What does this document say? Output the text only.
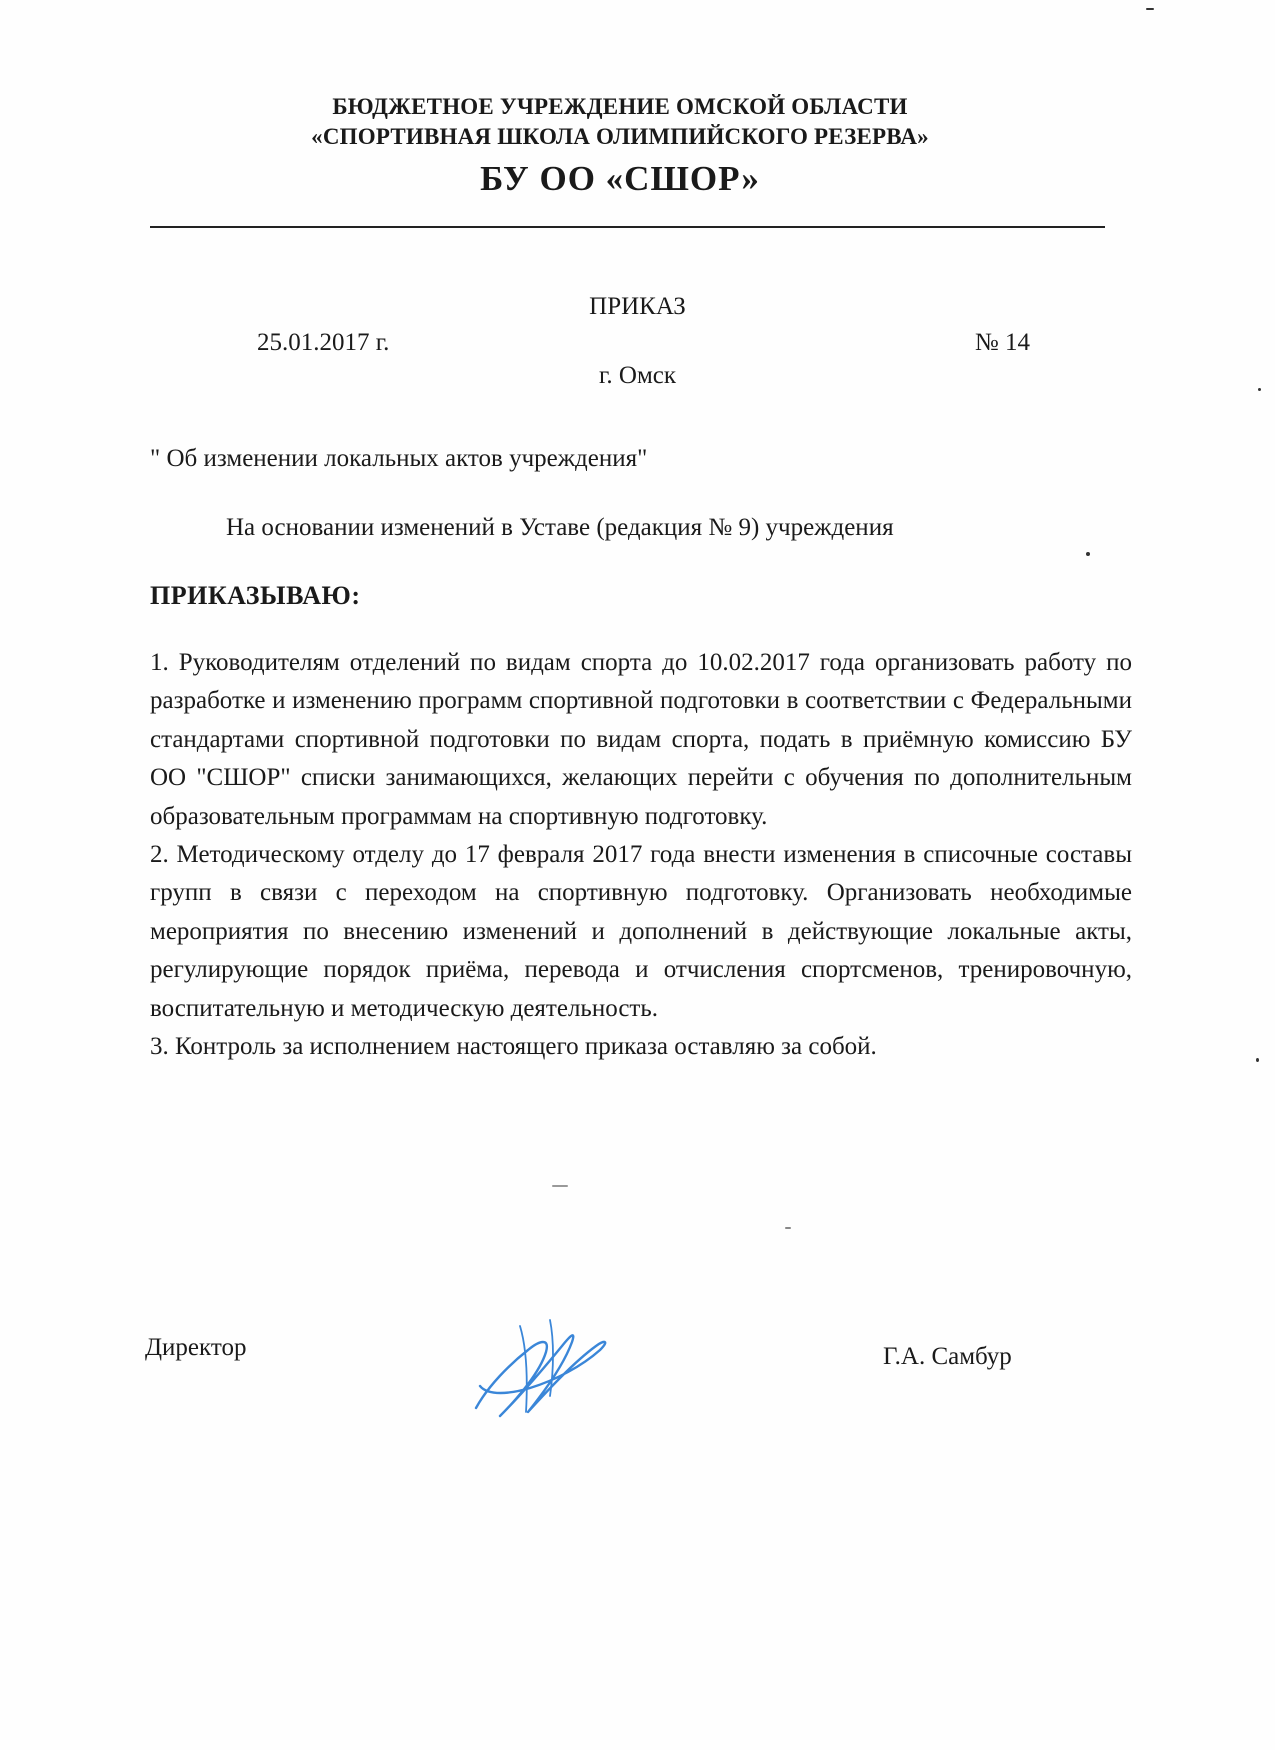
БЮДЖЕТНОЕ УЧРЕЖДЕНИЕ ОМСКОЙ ОБЛАСТИ
«СПОРТИВНАЯ ШКОЛА ОЛИМПИЙСКОГО РЕЗЕРВА»
БУ ОО «СШОР»
ПРИКАЗ
25.01.2017 г.	№ 14
г. Омск
" Об изменении локальных актов учреждения"
На основании изменений в Уставе (редакция № 9) учреждения
ПРИКАЗЫВАЮ:

1. Руководителям отделений по видам спорта до 10.02.2017 года организовать работу по разработке и изменению программ спортивной подготовки в соответствии с Федеральными стандартами спортивной подготовки по видам спорта, подать в приёмную комиссию БУ ОО "СШОР" списки занимающихся, желающих перейти с обучения по дополнительным образовательным программам на спортивную подготовку.

2. Методическому отделу до 17 февраля 2017 года внести изменения в списочные составы групп в связи с переходом на спортивную подготовку. Организовать необходимые мероприятия по внесению изменений и дополнений в действующие локальные акты, регулирующие порядок приёма, перевода и отчисления спортсменов, тренировочную, воспитательную и методическую деятельность.

3. Контроль за исполнением настоящего приказа оставляю за собой.

Директор	Г.А. Самбур
